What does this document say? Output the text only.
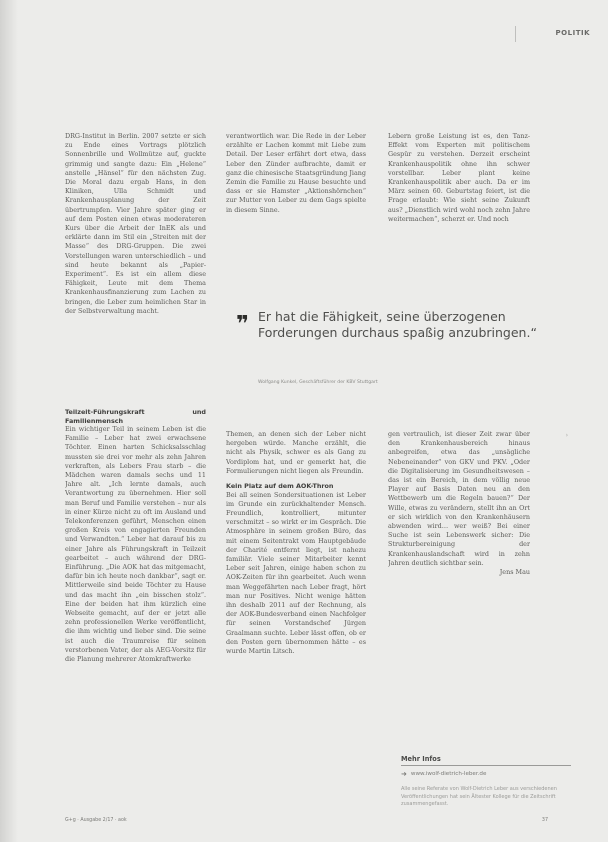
POLITIK

DRG-Institut in Berlin. 2007 setzte er sich zu Ende eines Vortrags plötzlich Sonnenbrille und Wollmütze auf, guckte grimmig und sangte dazu: Ein „Helene“ anstelle „Hänsel“ für den nächsten Zug. Die Moral dazu ergab Hans, in den Kliniken, Ulla Schmidt und Krankenhausplanung der Zeit übertrumpfen. Vier Jahre später ging er auf dem Posten einen etwas moderateren Kurs über die Arbeit der InEK als und erklärte dann im Stil ein „Streiten mit der Masse“ des DRG-Gruppen. Die zwei Vorstellungen waren unterschiedlich – und sind heute bekannt als „Papier-Experiment“. Es ist ein allem diese Fähigkeit, Leute mit dem Thema Krankenhausfinanzierung zum Lachen zu bringen, die Leber zum heimlichen Star in der Selbstverwaltung macht.

verantwortlich war. Die Rede in der Leber erzählte er Lachen kommt mit Liebe zum Detail. Der Leser erfährt dort etwa, dass Leber den Zünder aufbrachte, damit er ganz die chinesische Staatsgründung Jiang Zemin die Familie zu Hause besuchte und dass er sie Hamster „Aktionshörnchen“ zur Mutter von Leber zu dem Gags spielte in diesem Sinne.

Lebern große Leistung ist es, den Tanz-Effekt vom Experten mit politischem Gespür zu verstehen. Derzeit erscheint Krankenhauspolitik ohne ihn schwer vorstellbar. Leber plant keine Krankenhauspolitik aber auch. Da er im März seinen 60. Geburtstag feiert, ist die Frage erlaubt: Wie sieht seine Zukunft aus? „Dienstlich wird wohl noch zehn Jahre weitermachen“, scherzt er. Und noch

❞ Er hat die Fähigkeit, seine überzogenen Forderungen durchaus spaßig anzubringen.“
Wolfgang Kunkel, Geschäftsführer der KBV Stuttgart

Teilzeit-Führungskraft und Familienmensch

Ein wichtiger Teil in seinem Leben ist die Familie – Leber hat zwei erwachsene Töchter. Einen harten Schicksalsschlag mussten sie drei vor mehr als zehn Jahren verkraften, als Lebers Frau starb – die Mädchen waren damals sechs und 11 Jahre alt. „Ich lernte damals, auch Verantwortung zu übernehmen. Hier soll man Beruf und Familie verstehen – nur als in einer Kürze nicht zu oft im Ausland und Telekonferenzen geführt, Menschen einen großen Kreis von engagierten Freunden und Verwandten.“ Leber hat darauf bis zu einer Jahre als Führungskraft in Teilzeit gearbeitet – auch während der DRG-Einführung. „Die AOK hat das mitgemacht, dafür bin ich heute noch dankbar“, sagt er. Mittlerweile sind beide Töchter zu Hause und das macht ihn „ein bisschen stolz“. Eine der beiden hat ihm kürzlich eine Webseite gemacht, auf der er jetzt alle zehn professionellen Werke veröffentlicht, die ihm wichtig und lieber sind. Die seine ist auch die Traumreise für seinen verstorbenen Vater, der als AEG-Vorsitz für die Planung mehrerer Atomkraftwerke

Themen, an denen sich der Leber nicht hergeben würde. Manche erzählt, die nicht als Physik, schwer es als Gang zu Vordiplom hat, und er gemerkt hat, die Formulierungen nicht liegen als Freundin.

Kein Platz auf dem AOK-Thron

Bei all seinen Sondersituationen ist Leber im Grunde ein zurückhaltender Mensch. Freundlich, kontrolliert, mitunter verschmitzt – so wirkt er im Gespräch. Die Atmosphäre in seinem großen Büro, das mit einem Seitentrakt vom Hauptgebäude der Charité entfernt liegt, ist nahezu familiär. Viele seiner Mitarbeiter kennt Leber seit Jahren, einige haben schon zu AOK-Zeiten für ihn gearbeitet. Auch wenn man Weggefährten nach Leber fragt, hört man nur Positives. Nicht wenige hätten ihn deshalb 2011 auf der Rechnung, als der AOK-Bundesverband einen Nachfolger für seinen Vorstandschef Jürgen Graalmann suchte. Leber lässt offen, ob er den Posten gern übernommen hätte – es wurde Martin Litsch.

gen vertraulich, ist dieser Zeit zwar über den Krankenhausbereich hinaus anbegreifen, etwa das „unsägliche Nebeneinander“ von GKV und PKV. „Oder die Digitalisierung im Gesundheitswesen – das ist ein Bereich, in dem völlig neue Player auf Basis Daten neu an den Wettbewerb um die Regeln bauen?“ Der Wille, etwas zu verändern, stellt ihn an Ort er sich wirklich von den Krankenhäusern abwenden wird… wer weiß? Bei einer Suche ist sein Lebenswerk sicher: Die Strukturbereinigung der Krankenhauslandschaft wird in zehn Jahren deutlich sichtbar sein.

Jens Mau

›
Mehr Infos
➜ www.iwolf-dietrich-leber.de
Alle seine Referate von Wolf-Dietrich Leber aus verschiedenen Veröffentlichungen hat sein Ältester Kollege für die Zeitschrift zusammengefasst.
G+g · Ausgabe 2/17 · aok	37
